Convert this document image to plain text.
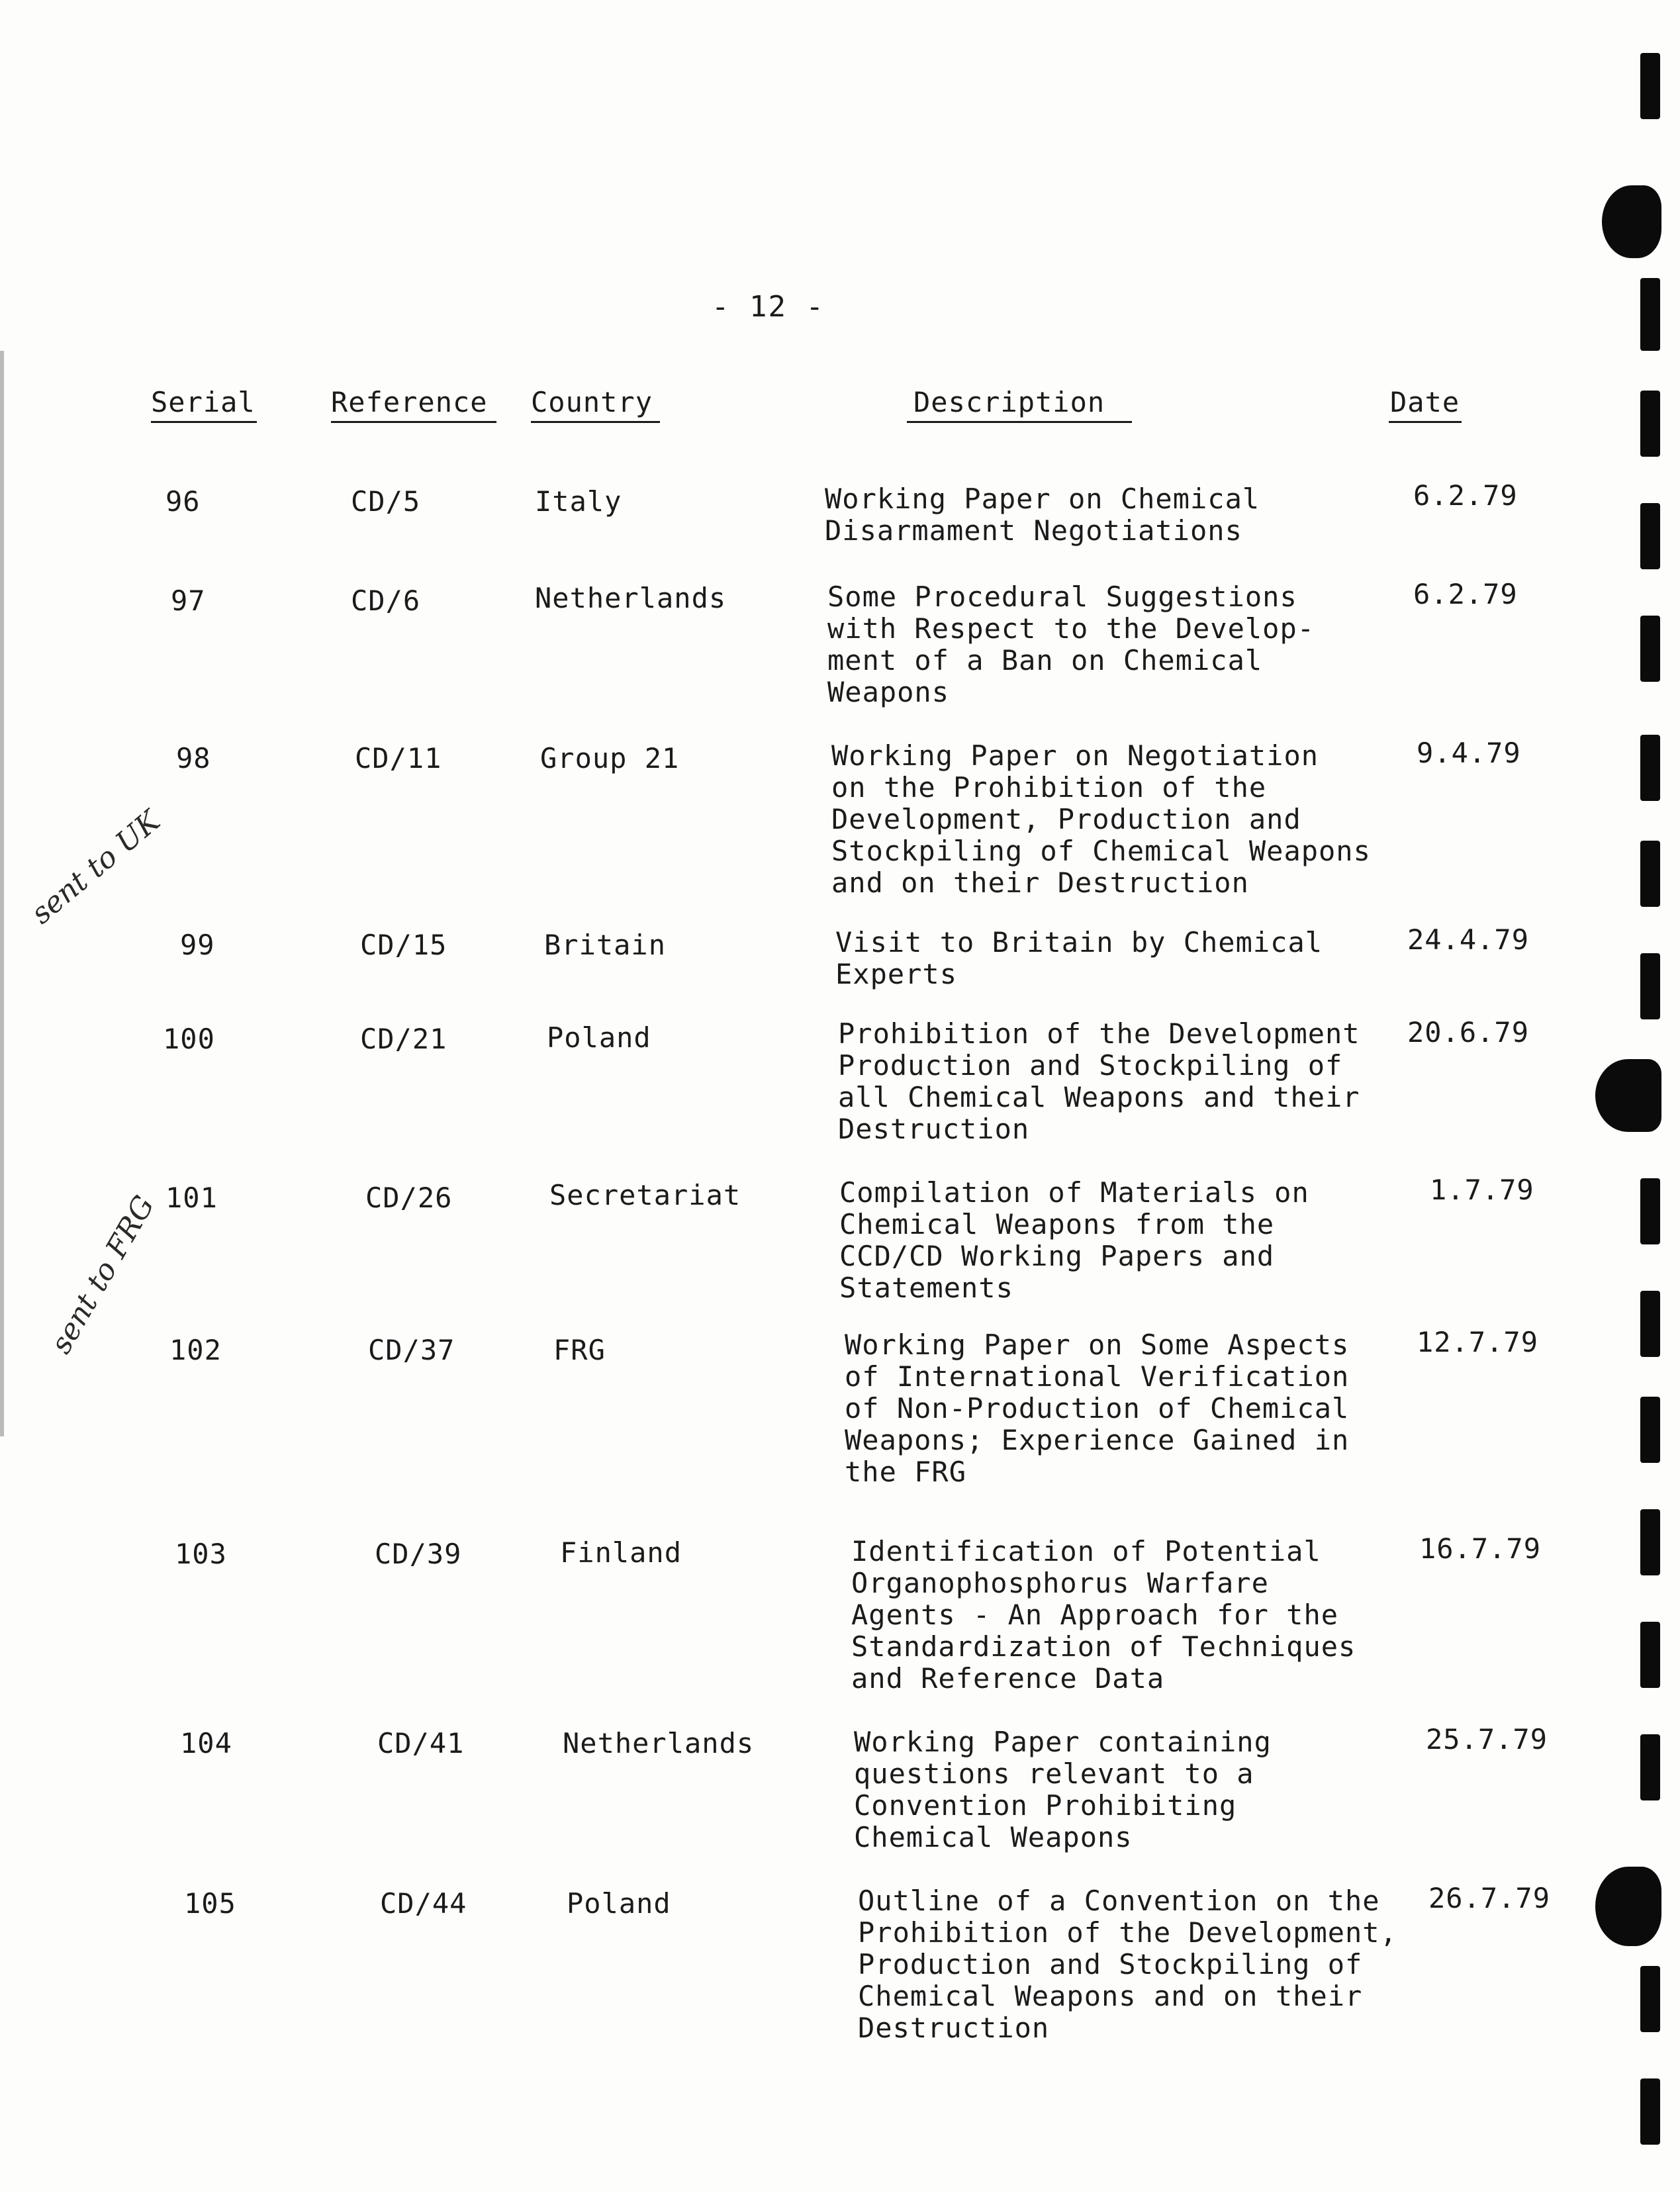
- 12 -
Serial	Reference Country	Description	Date
96	CD/5	Italy	Working Paper on Chemical
Disarmament Negotiations
6.2.79
97	CD/6	Netherlands	Some Procedural Suggestions
with Respect to the Develop-
ment of a Ban on Chemical
Weapons
6.2.79
98	CD/11	Group 21	Working Paper on Negotiation
on the Prohibition of the
Development, Production and
Stockpiling of Chemical Weapons
and on their Destruction
9.4.79
99	CD/15	Britain	Visit to Britain by Chemical
Experts
24.4.79
100	CD/21	Poland	Prohibition of the Development
Production and Stockpiling of
all Chemical Weapons and their
Destruction
20.6.79
101	CD/26	Secretariat	Compilation of Materials on
Chemical Weapons from the
CCD/CD Working Papers and
Statements
1.7.79
102	CD/37	FRG	Working Paper on Some Aspects
of International Verification
of Non-Production of Chemical
Weapons; Experience Gained in
the FRG
12.7.79
103	CD/39	Finland	Identification of Potential
Organophosphorus Warfare
Agents - An Approach for the
Standardization of Techniques
and Reference Data
16.7.79
104	CD/41	Netherlands	Working Paper containing
questions relevant to a
Convention Prohibiting
Chemical Weapons
25.7.79
105	CD/44	Poland	Outline of a Convention on the
Prohibition of the Development,
Production and Stockpiling of
Chemical Weapons and on their
Destruction
26.7.79
sent to UK
sent to FRG
